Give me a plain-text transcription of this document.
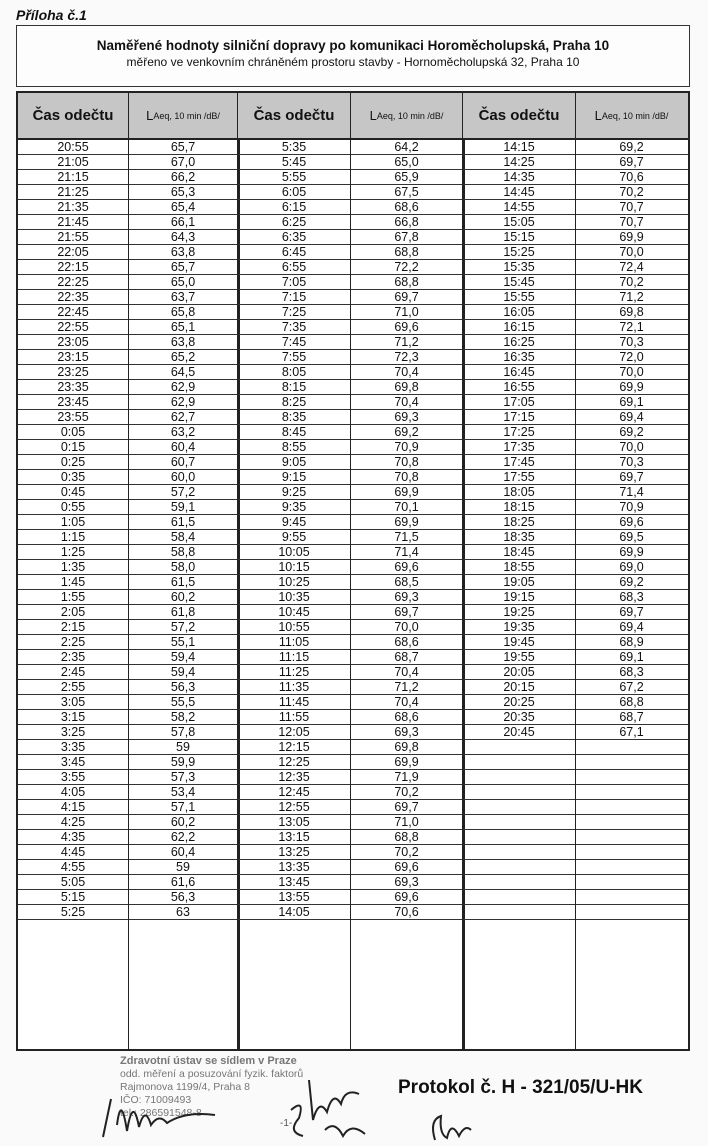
Příloha č.1
Naměřené hodnoty silniční dopravy po komunikaci Horoměcholupská, Praha 10
měřeno ve venkovním chráněném prostoru stavby - Hornoměcholupská 32, Praha 10
Čas odečtu	L Aeq, 10 min /dB/
20:55	65,7
21:05	67,0
21:15	66,2
21:25	65,3
21:35	65,4
21:45	66,1
21:55	64,3
22:05	63,8
22:15	65,7
22:25	65,0
22:35	63,7
22:45	65,8
22:55	65,1
23:05	63,8
23:15	65,2
23:25	64,5
23:35	62,9
23:45	62,9
23:55	62,7
0:05	63,2
0:15	60,4
0:25	60,7
0:35	60,0
0:45	57,2
0:55	59,1
1:05	61,5
1:15	58,4
1:25	58,8
1:35	58,0
1:45	61,5
1:55	60,2
2:05	61,8
2:15	57,2
2:25	55,1
2:35	59,4
2:45	59,4
2:55	56,3
3:05	55,5
3:15	58,2
3:25	57,8
3:35	59
3:45	59,9
3:55	57,3
4:05	53,4
4:15	57,1
4:25	60,2
4:35	62,2
4:45	60,4
4:55	59
5:05	61,6
5:15	56,3
5:25	63
Čas odečtu	L Aeq, 10 min /dB/
5:35	64,2
5:45	65,0
5:55	65,9
6:05	67,5
6:15	68,6
6:25	66,8
6:35	67,8
6:45	68,8
6:55	72,2
7:05	68,8
7:15	69,7
7:25	71,0
7:35	69,6
7:45	71,2
7:55	72,3
8:05	70,4
8:15	69,8
8:25	70,4
8:35	69,3
8:45	69,2
8:55	70,9
9:05	70,8
9:15	70,8
9:25	69,9
9:35	70,1
9:45	69,9
9:55	71,5
10:05	71,4
10:15	69,6
10:25	68,5
10:35	69,3
10:45	69,7
10:55	70,0
11:05	68,6
11:15	68,7
11:25	70,4
11:35	71,2
11:45	70,4
11:55	68,6
12:05	69,3
12:15	69,8
12:25	69,9
12:35	71,9
12:45	70,2
12:55	69,7
13:05	71,0
13:15	68,8
13:25	70,2
13:35	69,6
13:45	69,3
13:55	69,6
14:05	70,6
Čas odečtu	L Aeq, 10 min /dB/
14:15	69,2
14:25	69,7
14:35	70,6
14:45	70,2
14:55	70,7
15:05	70,7
15:15	69,9
15:25	70,0
15:35	72,4
15:45	70,2
15:55	71,2
16:05	69,8
16:15	72,1
16:25	70,3
16:35	72,0
16:45	70,0
16:55	69,9
17:05	69,1
17:15	69,4
17:25	69,2
17:35	70,0
17:45	70,3
17:55	69,7
18:05	71,4
18:15	70,9
18:25	69,6
18:35	69,5
18:45	69,9
18:55	69,0
19:05	69,2
19:15	68,3
19:25	69,7
19:35	69,4
19:45	68,9
19:55	69,1
20:05	68,3
20:15	67,2
20:25	68,8
20:35	68,7
20:45	67,1
Zdravotní ústav se sídlem v Praze
odd. měření a posuzování fyzik. faktorů
Rajmonova 1199/4, Praha 8
IČO: 71009493
tel.: 286591548-8
-1-
Protokol č. H - 321/05/U-HK
